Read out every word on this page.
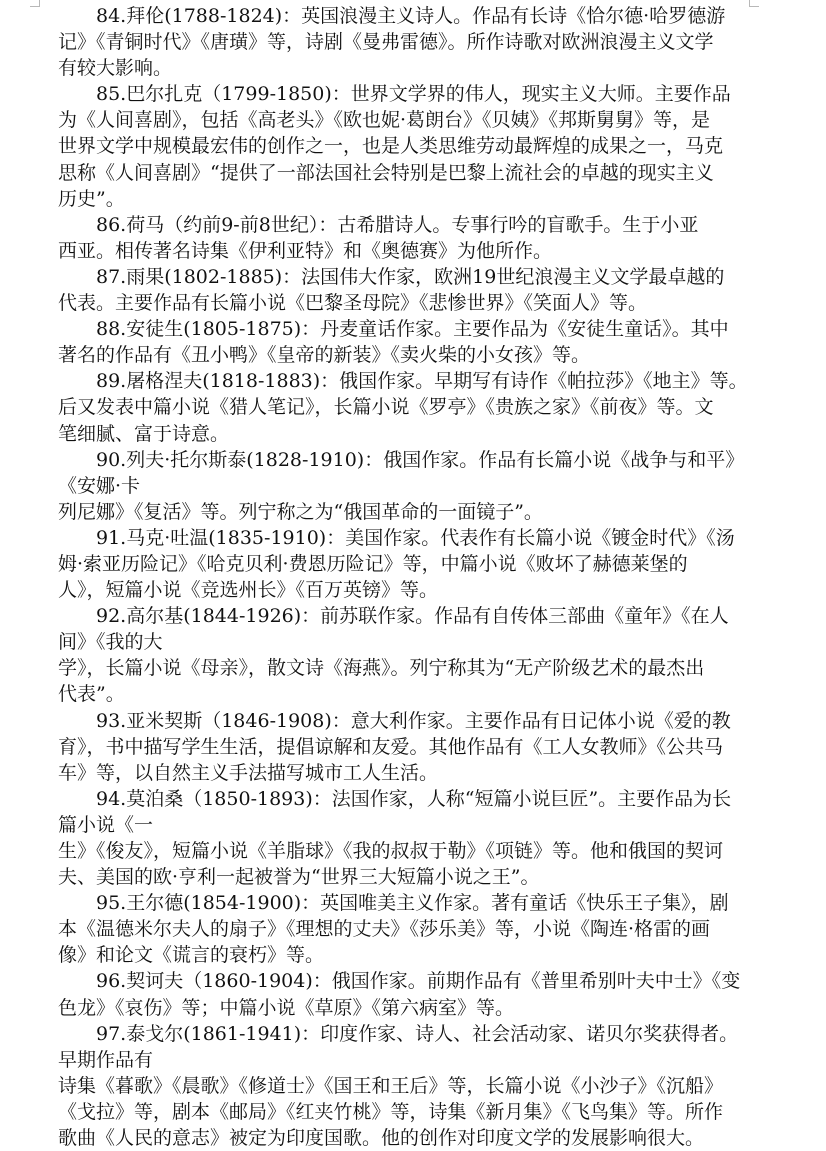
84.拜伦(1788-1824)：英国浪漫主义诗人。作品有长诗《恰尔德·哈罗德游
记》《青铜时代》《唐璜》等，诗剧《曼弗雷德》。所作诗歌对欧洲浪漫主义文学
有较大影响。
85.巴尔扎克（1799-1850)：世界文学界的伟人，现实主义大师。主要作品
为《人间喜剧》，包括《高老头》《欧也妮·葛朗台》《贝姨》《邦斯舅舅》等，是
世界文学中规模最宏伟的创作之一，也是人类思维劳动最辉煌的成果之一，马克
思称《人间喜剧》“提供了一部法国社会特别是巴黎上流社会的卓越的现实主义
历史”。
86.荷马（约前9-前8世纪）：古希腊诗人。专事行吟的盲歌手。生于小亚
西亚。相传著名诗集《伊利亚特》和《奥德赛》为他所作。
87.雨果(1802-1885)：法国伟大作家，欧洲19世纪浪漫主义文学最卓越的
代表。主要作品有长篇小说《巴黎圣母院》《悲惨世界》《笑面人》等。
88.安徒生(1805-1875)：丹麦童话作家。主要作品为《安徒生童话》。其中
著名的作品有《丑小鸭》《皇帝的新装》《卖火柴的小女孩》等。
89.屠格涅夫(1818-1883)：俄国作家。早期写有诗作《帕拉莎》《地主》等。
后又发表中篇小说《猎人笔记》，长篇小说《罗亭》《贵族之家》《前夜》等。文
笔细腻、富于诗意。
90.列夫·托尔斯泰(1828-1910)：俄国作家。作品有长篇小说《战争与和平》
《安娜·卡
列尼娜》《复活》等。列宁称之为“俄国革命的一面镜子”。
91.马克·吐温(1835-1910)：美国作家。代表作有长篇小说《镀金时代》《汤
姆·索亚历险记》《哈克贝利·费恩历险记》等，中篇小说《败坏了赫德莱堡的
人》，短篇小说《竞选州长》《百万英镑》等。
92.高尔基(1844-1926)：前苏联作家。作品有自传体三部曲《童年》《在人
间》《我的大
学》，长篇小说《母亲》，散文诗《海燕》。列宁称其为“无产阶级艺术的最杰出
代表”。
93.亚米契斯（1846-1908)：意大利作家。主要作品有日记体小说《爱的教
育》，书中描写学生生活，提倡谅解和友爱。其他作品有《工人女教师》《公共马
车》等，以自然主义手法描写城市工人生活。
94.莫泊桑（1850-1893)：法国作家，人称“短篇小说巨匠”。主要作品为长
篇小说《一
生》《俊友》，短篇小说《羊脂球》《我的叔叔于勒》《项链》等。他和俄国的契诃
夫、美国的欧·亨利一起被誉为“世界三大短篇小说之王”。
95.王尔德(1854-1900)：英国唯美主义作家。著有童话《快乐王子集》，剧
本《温德米尔夫人的扇子》《理想的丈夫》《莎乐美》等，小说《陶连·格雷的画
像》和论文《谎言的衰朽》等。
96.契诃夫（1860-1904)：俄国作家。前期作品有《普里希别叶夫中士》《变
色龙》《哀伤》等；中篇小说《草原》《第六病室》等。
97.泰戈尔(1861-1941)：印度作家、诗人、社会活动家、诺贝尔奖获得者。
早期作品有
诗集《暮歌》《晨歌》《修道士》《国王和王后》等，长篇小说《小沙子》《沉船》
《戈拉》等，剧本《邮局》《红夹竹桃》等，诗集《新月集》《飞鸟集》等。所作
歌曲《人民的意志》被定为印度国歌。他的创作对印度文学的发展影响很大。
